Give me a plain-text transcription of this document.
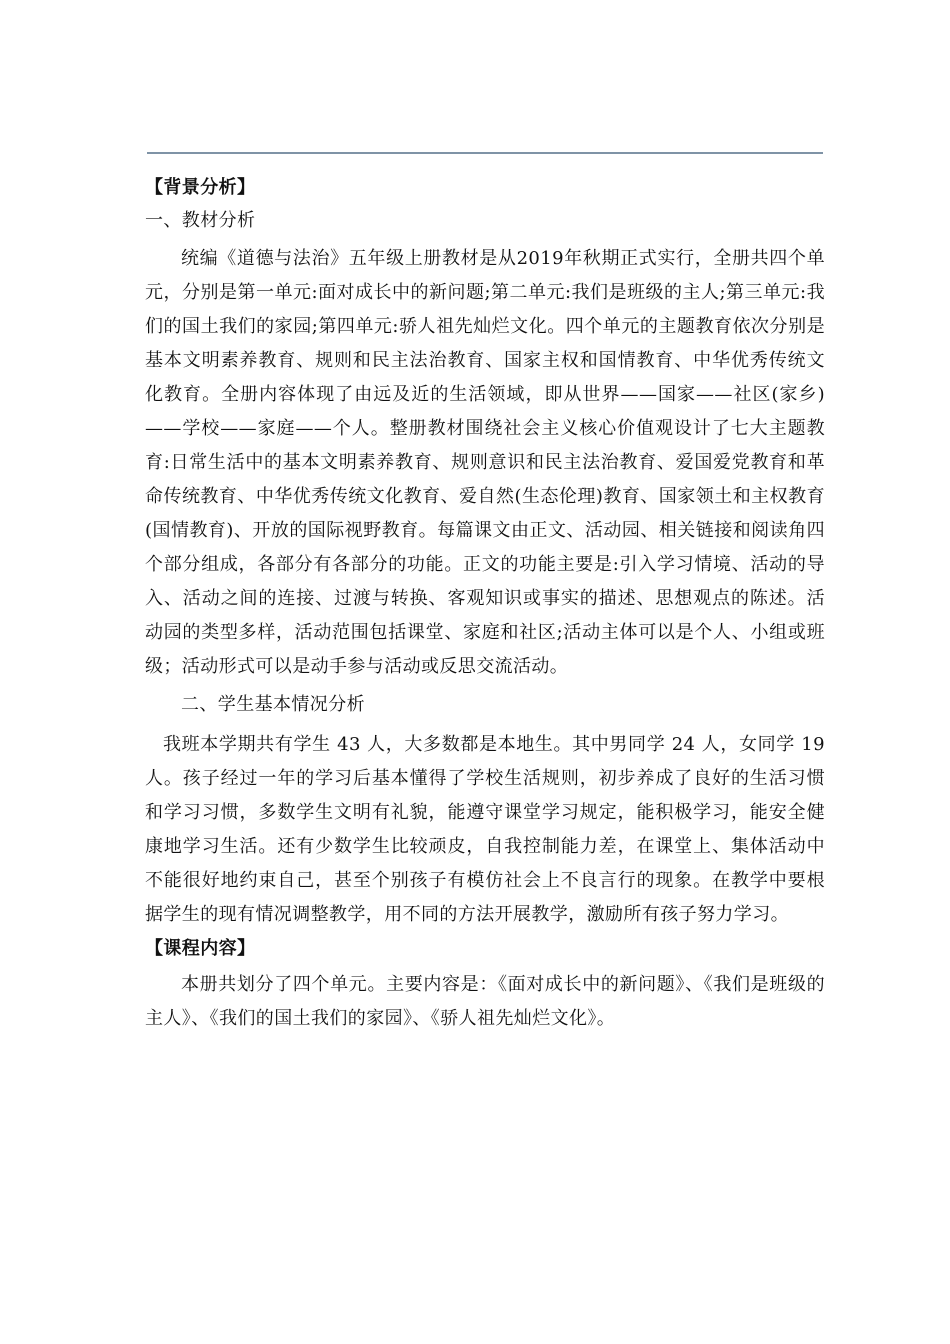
【背景分析】
一、教材分析

统编《道德与法治》五年级上册教材是从2019年秋期正式实行，全册共四个单元，分别是第一单元:面对成长中的新问题;第二单元:我们是班级的主人;第三单元:我们的国土我们的家园;第四单元:骄人祖先灿烂文化。四个单元的主题教育依次分别是基本文明素养教育、规则和民主法治教育、国家主权和国情教育、中华优秀传统文化教育。全册内容体现了由远及近的生活领域，即从世界——国家——社区(家乡)——学校——家庭——个人。整册教材围绕社会主义核心价值观设计了七大主题教育:日常生活中的基本文明素养教育、规则意识和民主法治教育、爱国爱党教育和革命传统教育、中华优秀传统文化教育、爱自然(生态伦理)教育、国家领土和主权教育(国情教育)、开放的国际视野教育。每篇课文由正文、活动园、相关链接和阅读角四个部分组成，各部分有各部分的功能。正文的功能主要是:引入学习情境、活动的导入、活动之间的连接、过渡与转换、客观知识或事实的描述、思想观点的陈述。活动园的类型多样，活动范围包括课堂、家庭和社区;活动主体可以是个人、小组或班级；活动形式可以是动手参与活动或反思交流活动。

二、学生基本情况分析

我班本学期共有学生 43 人，大多数都是本地生。其中男同学 24 人，女同学 19 人。孩子经过一年的学习后基本懂得了学校生活规则，初步养成了良好的生活习惯和学习习惯，多数学生文明有礼貌，能遵守课堂学习规定，能积极学习，能安全健康地学习生活。还有少数学生比较顽皮，自我控制能力差，在课堂上、集体活动中不能很好地约束自己，甚至个别孩子有模仿社会上不良言行的现象。在教学中要根据学生的现有情况调整教学，用不同的方法开展教学，激励所有孩子努力学习。

【课程内容】

本册共划分了四个单元。主要内容是：《面对成长中的新问题》、《我们是班级的主人》、《我们的国土我们的家园》、《骄人祖先灿烂文化》。
